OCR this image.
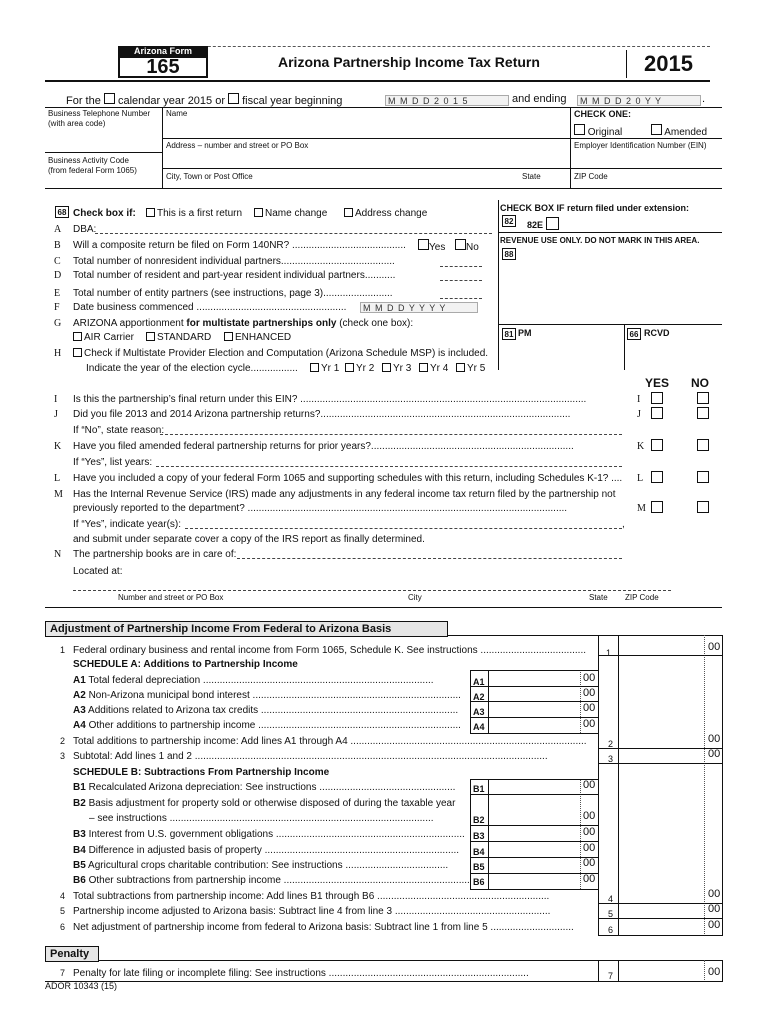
Arizona Form
165	Arizona Partnership Income Tax Return	2015
For the calendar year 2015 or fiscal year beginning	M M D D 2 0 1 5	and ending	M M D D 2 0 Y Y	.
Business Telephone Number
(with area code)
Name	CHECK ONE:
Original	Amended
Address – number and street or PO Box	Employer Identification Number (EIN)
Business Activity Code
(from federal Form 1065)
City, Town or Post Office	State	ZIP Code
68 Check box if:	This is a first return	Name change	Address change	CHECK BOX IF return filed under extension:
82 82E
REVENUE USE ONLY. DO NOT MARK IN THIS AREA.
88
81 PM	66 RCVD
A	DBA:
B	Will a composite return be filed on Form 140NR? .........................................	Yes	No
C	Total number of nonresident individual partners.........................................
D	Total number of resident and part-year resident individual partners...........
E	Total number of entity partners (see instructions, page 3).........................
F	Date business commenced ......................................................	M M D D Y Y Y Y
G	ARIZONA apportionment for multistate partnerships only (check one box):
AIR Carrier	STANDARD	ENHANCED
H	Check if Multistate Provider Election and Computation (Arizona Schedule MSP) is included.
Indicate the year of the election cycle.................	Yr 1	Yr 2	Yr 3	Yr 4	Yr 5
YES NO
I	Is this the partnership’s final return under this EIN? .......................................................................................................	I
J	Did you file 2013 and 2014 Arizona partnership returns?..........................................................................................	J
If “No”, state reason:
K	Have you filed amended federal partnership returns for prior years?.........................................................................	K
If “Yes”, list years:
L	Have you included a copy of your federal Form 1065 and supporting schedules with this return, including Schedules K-1? .... L
M	Has the Internal Revenue Service (IRS) made any adjustments in any federal income tax return filed by the partnership not
previously reported to the department? ...................................................................................................................	M
If “Yes”, indicate year(s):	,
and submit under separate cover a copy of the IRS report as finally determined.
N	The partnership books are in care of:
Located at:
Number and street or PO Box	City	State ZIP Code
Adjustment of Partnership Income From Federal to Arizona Basis
1 Federal ordinary business and rental income from Form 1065, Schedule K. See instructions ...................................... 1	00
SCHEDULE A: Additions to Partnership Income
A1 Total federal depreciation ...................................................................................	A1	00
A2 Non-Arizona municipal bond interest ........................................................................... A2	00
A3 Additions related to Arizona tax credits ....................................................................... A3	00
A4 Other additions to partnership income ......................................................................... A4	00
2 Total additions to partnership income: Add lines A1 through A4 ..................................................................................... 2	00
3 Subtotal: Add lines 1 and 2 ...............................................................................................................................	3	00
SCHEDULE B: Subtractions From Partnership Income
B1 Recalculated Arizona depreciation: See instructions ................................................. B1	00
B2 Basis adjustment for property sold or otherwise disposed of during the taxable year
– see instructions ...............................................................................................	B2	00
B3 Interest from U.S. government obligations .................................................................... B3	00
B4 Difference in adjusted basis of property ...................................................................... B4	00
B5 Agricultural crops charitable contribution: See instructions .....................................	B5	00
B6 Other subtractions from partnership income ................................................................... B6	00
4 Total subtractions from partnership income: Add lines B1 through B6 ..............................................................	4	00
5 Partnership income adjusted to Arizona basis: Subtract line 4 from line 3 ........................................................	5	00
6 Net adjustment of partnership income from federal to Arizona basis: Subtract line 1 from line 5 ..............................	6	00
Penalty
7 Penalty for late filing or incomplete filing: See instructions ........................................................................	7	00
ADOR 10343 (15)
